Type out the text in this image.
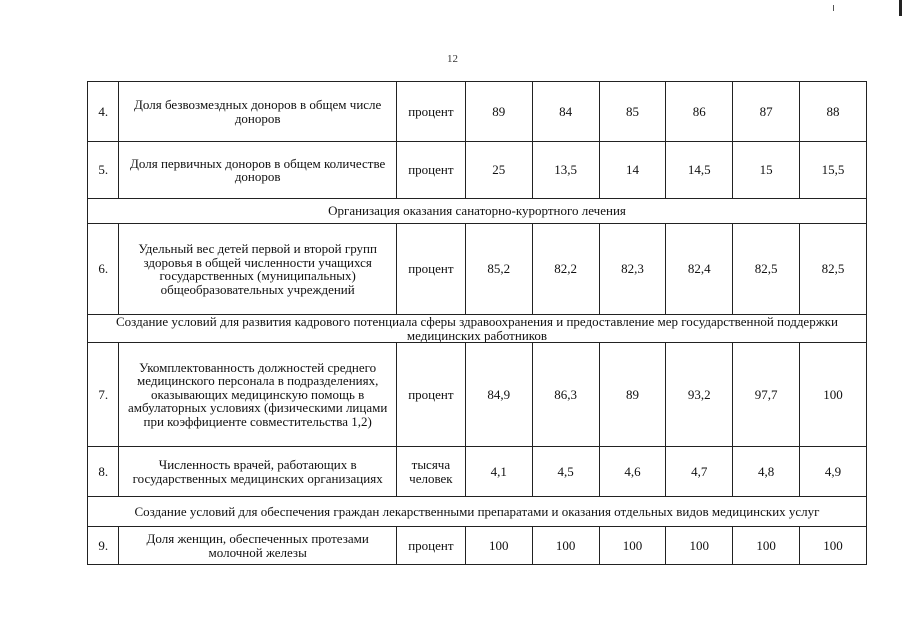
12
4.	Доля безвозмездных доноров в общем числе доноров	процент	89	84	85	86	87	88
5.	Доля первичных доноров в общем количестве доноров	процент	25	13,5	14	14,5	15	15,5
Организация оказания санаторно-курортного лечения								
6.	Удельный вес детей первой и второй групп здоровья в общей численности учащихся государственных (муниципальных) общеобразовательных учреждений	процент	85,2	82,2	82,3	82,4	82,5	82,5
Создание условий для развития кадрового потенциала сферы здравоохранения и предоставление мер государственной поддержки медицинских работников								
7.	Укомплектованность должностей среднего медицинского персонала в подразделениях, оказывающих медицинскую помощь в амбулаторных условиях (физическими лицами при коэффициенте совместительства 1,2)	процент	84,9	86,3	89	93,2	97,7	100
8.	Численность врачей, работающих в государственных медицинских организациях	тысяча человек	4,1	4,5	4,6	4,7	4,8	4,9
Создание условий для обеспечения граждан лекарственными препаратами и оказания отдельных видов медицинских услуг								
9.	Доля женщин, обеспеченных протезами молочной железы	процент	100	100	100	100	100	100
